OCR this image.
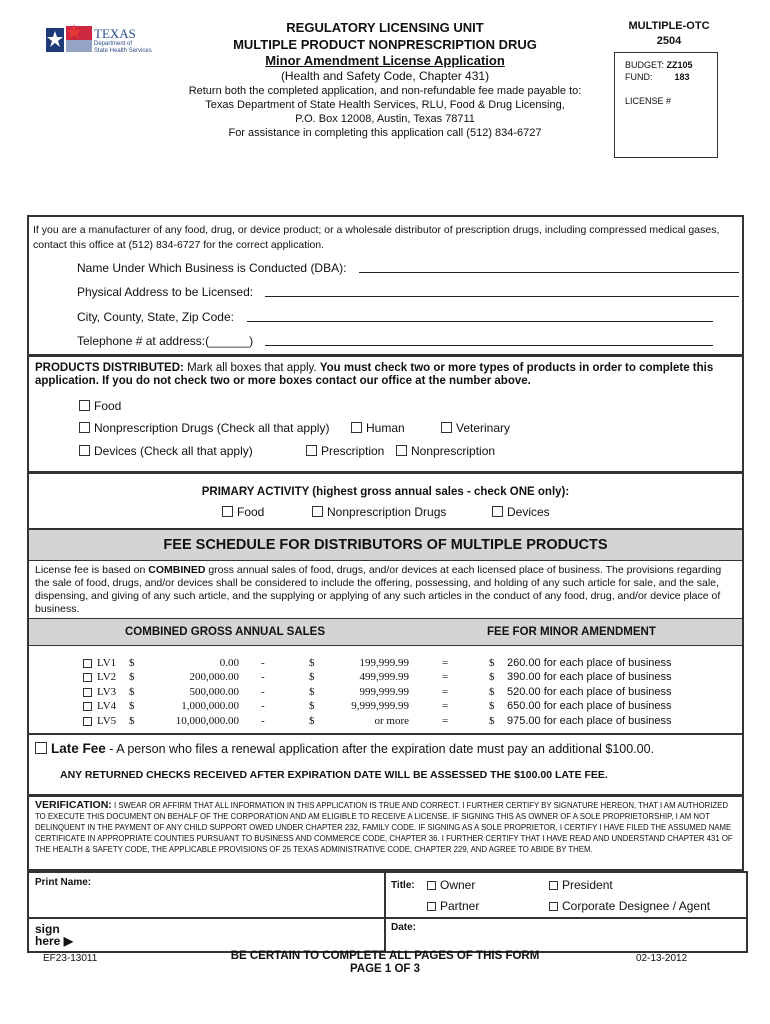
TEXAS
Department of
State Health Services
REGULATORY LICENSING UNIT
MULTIPLE PRODUCT NONPRESCRIPTION DRUG
Minor Amendment License Application
(Health and Safety Code, Chapter 431)
Return both the completed application, and non-refundable fee made payable to:
Texas Department of State Health Services, RLU, Food & Drug Licensing,
P.O. Box 12008, Austin, Texas 78711
For assistance in completing this application call (512) 834-6727
MULTIPLE-OTC
2504
BUDGET: ZZ105
FUND: 183
LICENSE #
If you are a manufacturer of any food, drug, or device product; or a wholesale distributor of prescription drugs, including compressed medical gases, contact this office at (512) 834-6727 for the correct application.
Name Under Which Business is Conducted (DBA):
Physical Address to be Licensed:
City, County, State, Zip Code:
Telephone # at address:(______)
PRODUCTS DISTRIBUTED: Mark all boxes that apply. You must check two or more types of products in order to complete this application. If you do not check two or more boxes contact our office at the number above.
Food
Nonprescription Drugs (Check all that apply)	Human	Veterinary
Devices (Check all that apply)	Prescription	Nonprescription
PRIMARY ACTIVITY (highest gross annual sales - check ONE only):
Food	Nonprescription Drugs	Devices
FEE SCHEDULE FOR DISTRIBUTORS OF MULTIPLE PRODUCTS
License fee is based on COMBINED gross annual sales of food, drugs, and/or devices at each licensed place of business. The provisions regarding the sale of food, drugs, and/or devices shall be considered to include the offering, possessing, and holding of any such article for sale, and the sale, dispensing, and giving of any such article, and the supplying or applying of any such articles in the conduct of any food, drug, and/or device place of business.
COMBINED GROSS ANNUAL SALES	FEE FOR MINOR AMENDMENT
LV1	$	0.00 -	$	199,999.99	=	$	260.00 for each place of business
LV2	$	200,000.00 -	$	499,999.99	=	$	390.00 for each place of business
LV3	$	500,000.00 -	$	999,999.99	=	$	520.00 for each place of business
LV4	$	1,000,000.00 -	$	9,999,999.99	=	$	650.00 for each place of business
LV5	$	10,000,000.00 -	$	or more	=	$	975.00 for each place of business
Late Fee - A person who files a renewal application after the expiration date must pay an additional $100.00.
ANY RETURNED CHECKS RECEIVED AFTER EXPIRATION DATE WILL BE ASSESSED THE $100.00 LATE FEE.
VERIFICATION: I SWEAR OR AFFIRM THAT ALL INFORMATION IN THIS APPLICATION IS TRUE AND CORRECT. I FURTHER CERTIFY BY SIGNATURE HEREON, THAT I AM AUTHORIZED TO EXECUTE THIS DOCUMENT ON BEHALF OF THE CORPORATION AND AM ELIGIBLE TO RECEIVE A LICENSE. IF SIGNING THIS AS OWNER OF A SOLE PROPRIETORSHIP, I AM NOT DELINQUENT IN THE PAYMENT OF ANY CHILD SUPPORT OWED UNDER CHAPTER 232, FAMILY CODE. IF SIGNING AS A SOLE PROPRIETOR, I CERTIFY I HAVE FILED THE ASSUMED NAME CERTIFICATE IN APPROPRIATE COUNTIES PURSUANT TO BUSINESS AND COMMERCE CODE, CHAPTER 36. I FURTHER CERTIFY THAT I HAVE READ AND UNDERSTAND CHAPTER 431 OF THE HEALTH & SAFETY CODE, THE APPLICABLE PROVISIONS OF 25 TEXAS ADMINISTRATIVE CODE, CHAPTER 229, AND AGREE TO ABIDE BY THEM.
Print Name:	Title:	Owner	President
Partner	Corporate Designee / Agent
sign
here ▶
Date:
EF23-13011	BE CERTAIN TO COMPLETE ALL PAGES OF THIS FORM
PAGE 1 OF 3
02-13-2012
